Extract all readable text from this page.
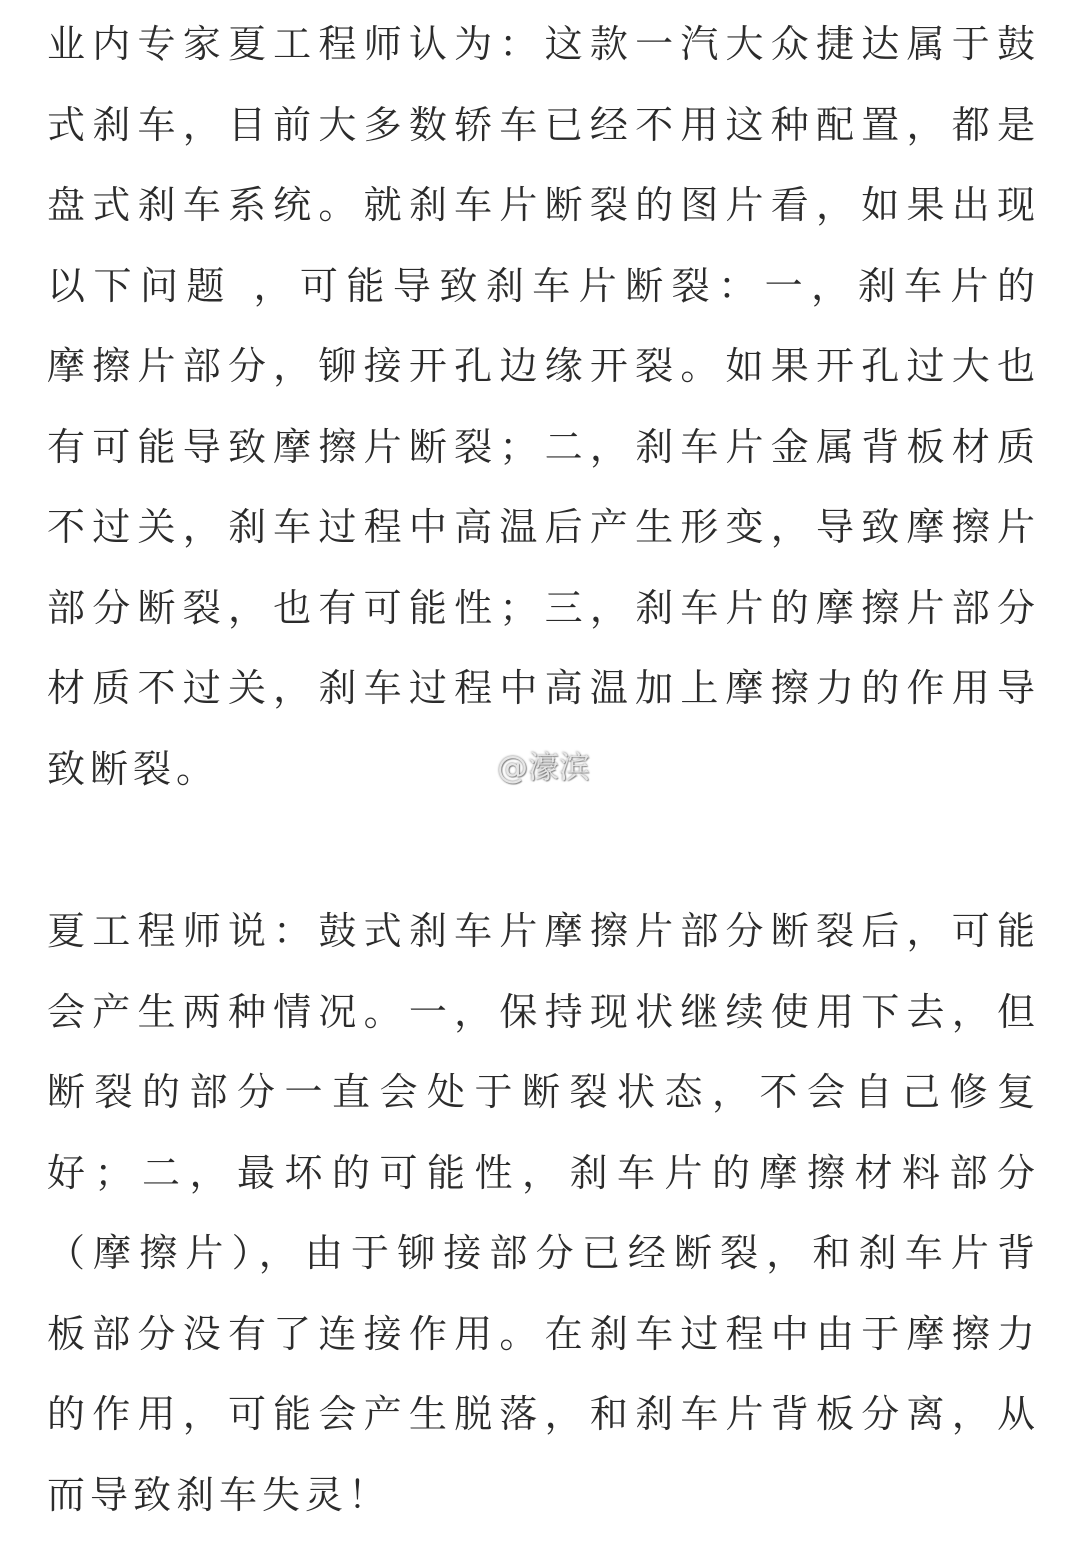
业内专家夏工程师认为：这款一汽大众捷达属于鼓
式刹车，目前大多数轿车已经不用这种配置，都是
盘式刹车系统。就刹车片断裂的图片看，如果出现
以下问题 ，可能导致刹车片断裂：一，刹车片的
摩擦片部分，铆接开孔边缘开裂。如果开孔过大也
有可能导致摩擦片断裂；二，刹车片金属背板材质
不过关，刹车过程中高温后产生形变，导致摩擦片
部分断裂，也有可能性；三，刹车片的摩擦片部分
材质不过关，刹车过程中高温加上摩擦力的作用导
致断裂。
夏工程师说：鼓式刹车片摩擦片部分断裂后，可能
会产生两种情况。一，保持现状继续使用下去，但
断裂的部分一直会处于断裂状态，不会自己修复
好；二，最坏的可能性，刹车片的摩擦材料部分
（摩擦片），由于铆接部分已经断裂，和刹车片背
板部分没有了连接作用。在刹车过程中由于摩擦力
的作用，可能会产生脱落，和刹车片背板分离，从
而导致刹车失灵！
@濠滨
